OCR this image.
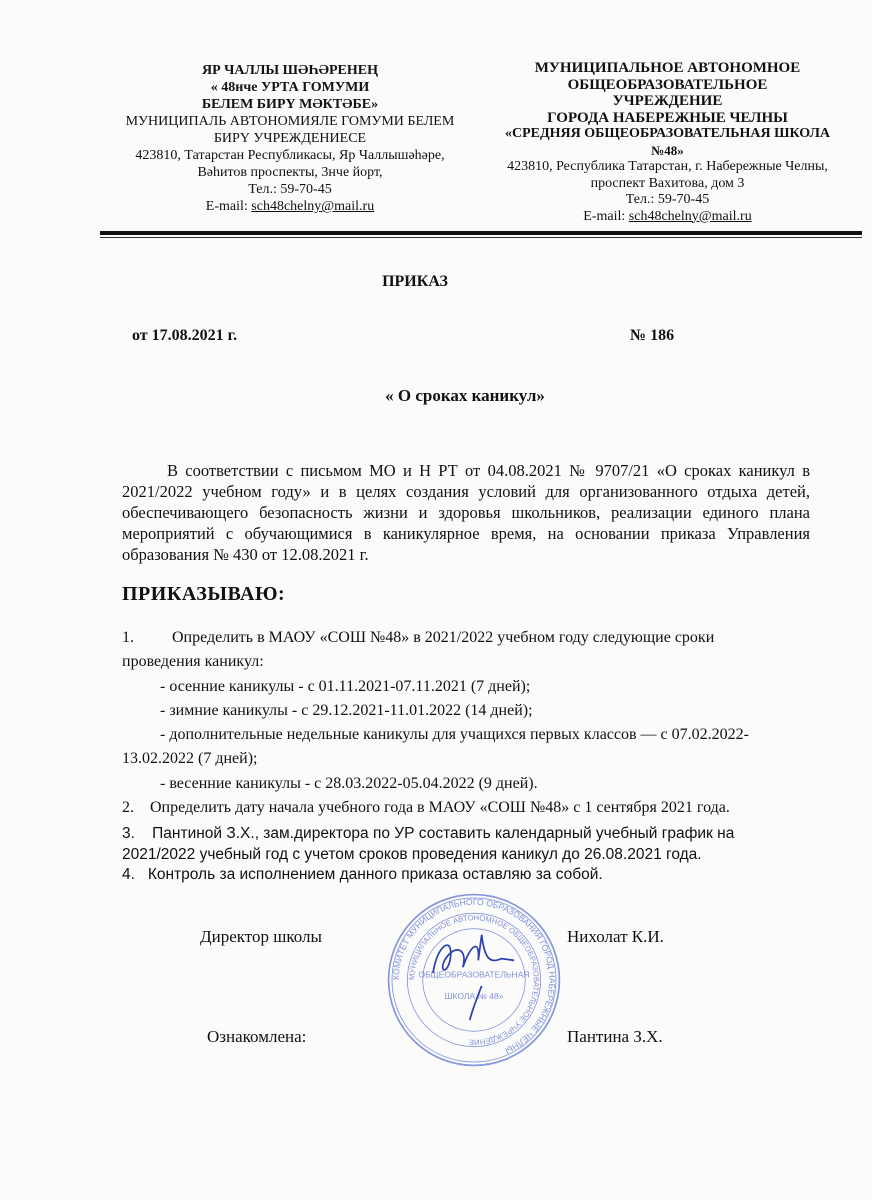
ЯР ЧАЛЛЫ ШӘҺӘРЕНЕҢ
« 48нче УРТА ГОМУМИ
БЕЛЕМ БИРҮ МӘКТӘБЕ»
МУНИЦИПАЛЬ АВТОНОМИЯЛЕ ГОМУМИ БЕЛЕМ
БИРҮ УЧРЕЖДЕНИЕСЕ
423810, Татарстан Республикасы, Яр Чаллышәһәре,
Вәһитов проспекты, 3нче йорт,
Тел.: 59-70-45
E-mail: sch48chelny@mail.ru
МУНИЦИПАЛЬНОЕ АВТОНОМНОЕ
ОБЩЕОБРАЗОВАТЕЛЬНОЕ
УЧРЕЖДЕНИЕ
ГОРОДА НАБЕРЕЖНЫЕ ЧЕЛНЫ
«СРЕДНЯЯ ОБЩЕОБРАЗОВАТЕЛЬНАЯ ШКОЛА
№48»
423810, Республика Татарстан, г. Набережные Челны,
проспект Вахитова, дом 3
Тел.: 59-70-45
E-mail: sch48chelny@mail.ru
ПРИКАЗ
от 17.08.2021 г.	№ 186
« О сроках каникул»
В соответствии с письмом МО и Н РТ от 04.08.2021 № 9707/21 «О сроках каникул в 2021/2022 учебном году» и в целях создания условий для организованного отдыха детей, обеспечивающего безопасность жизни и здоровья школьников, реализации единого плана мероприятий с обучающимися в каникулярное время, на основании приказа Управления образования № 430 от 12.08.2021 г.
ПРИКАЗЫВАЮ:
1. Определить в МАОУ «СОШ №48» в 2021/2022 учебном году следующие сроки
проведения каникул:
- осенние каникулы - с 01.11.2021-07.11.2021 (7 дней);
- зимние каникулы - с 29.12.2021-11.01.2022 (14 дней);
- дополнительные недельные каникулы для учащихся первых классов — с 07.02.2022-
13.02.2022 (7 дней);
- весенние каникулы - с 28.03.2022-05.04.2022 (9 дней).
2.    Определить дату начала учебного года в МАОУ «СОШ №48» с 1 сентября 2021 года.
3.    Пантиной З.Х., зам.директора по УР составить календарный учебный график на
2021/2022 учебный год с учетом сроков проведения каникул до 26.08.2021 года.
4.   Контроль за исполнением данного приказа оставляю за собой.
КОМИТЕТ МУНИЦИПАЛЬНОГО ОБРАЗОВАНИЯ ГОРОД НАБЕРЕЖНЫЕ ЧЕЛНЫ
МУНИЦИПАЛЬНОЕ АВТОНОМНОЕ ОБЩЕОБРАЗОВАТЕЛЬНОЕ УЧРЕЖДЕНИЕ
ОБЩЕОБРАЗОВАТЕЛЬНАЯ
ШКОЛА № 48»
Директор школы	Нихолат К.И.
Ознакомлена:	Пантина З.Х.
